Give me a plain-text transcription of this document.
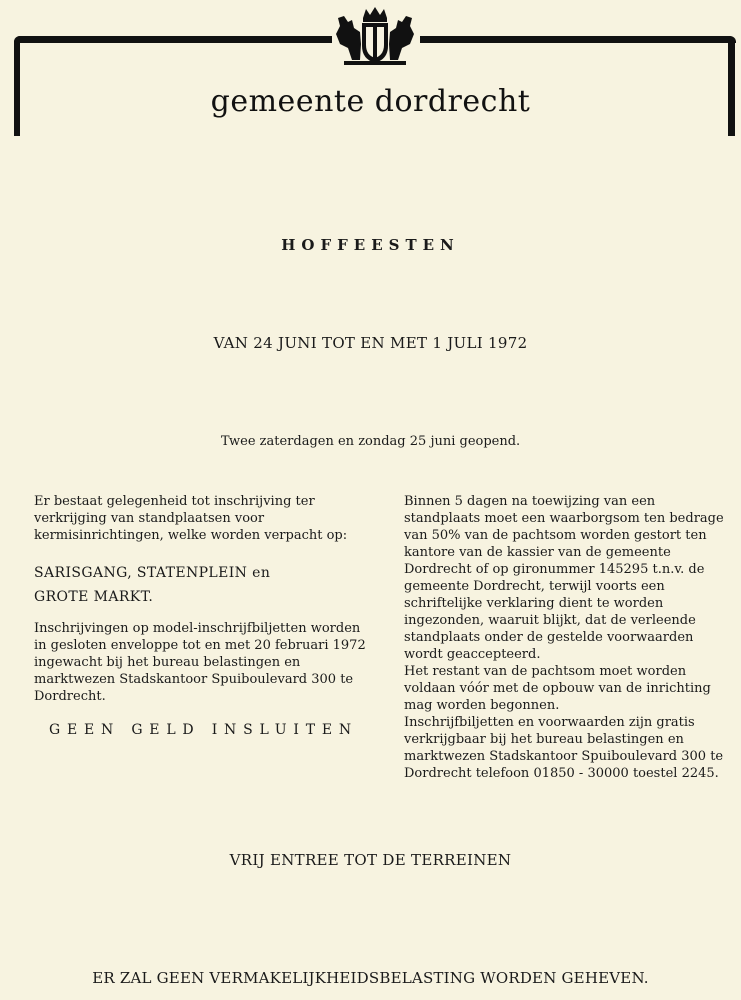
gemeente dordrecht
HOFFEESTEN
VAN 24 JUNI TOT EN MET 1 JULI 1972
Twee zaterdagen en zondag 25 juni geopend.

Er bestaat gelegenheid tot inschrijving ter verkrijging van standplaatsen voor kermisinrichtingen, welke worden verpacht op:

SARISGANG, STATENPLEIN en

GROTE MARKT.

Inschrijvingen op model-inschrijfbiljetten worden in gesloten enveloppe tot en met 20 februari 1972 ingewacht bij het bureau belastingen en marktwezen Stadskantoor Spuiboulevard 300 te Dordrecht.

GEEN GELD INSLUITEN

Binnen 5 dagen na toewijzing van een standplaats moet een waarborgsom ten bedrage van 50% van de pachtsom worden gestort ten kantore van de kassier van de gemeente Dordrecht of op gironummer 145295 t.n.v. de gemeente Dordrecht, terwijl voorts een schriftelijke verklaring dient te worden ingezonden, waaruit blijkt, dat de verleende standplaats onder de gestelde voorwaarden wordt geaccepteerd.

Het restant van de pachtsom moet worden voldaan vóór met de opbouw van de inrichting mag worden begonnen.

Inschrijfbiljetten en voorwaarden zijn gratis verkrijgbaar bij het bureau belastingen en marktwezen Stadskantoor Spuiboulevard 300 te Dordrecht telefoon 01850 - 30000 toestel 2245.

VRIJ ENTREE TOT DE TERREINEN
ER ZAL GEEN VERMAKELIJKHEIDSBELASTING WORDEN GEHEVEN.
